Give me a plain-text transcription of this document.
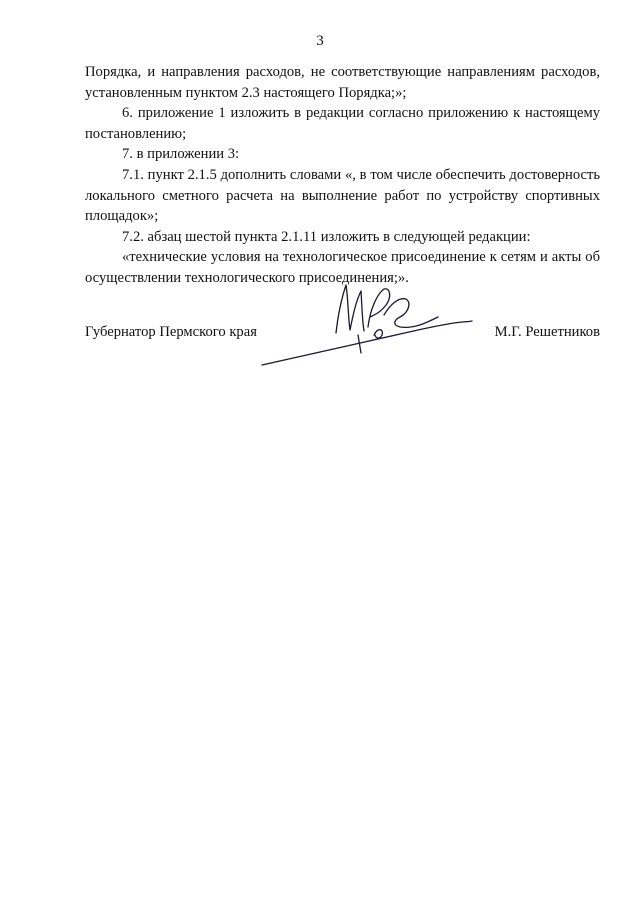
3

Порядка, и направления расходов, не соответствующие направлениям расходов, установленным пунктом 2.3 настоящего Порядка;»;

6. приложение 1 изложить в редакции согласно приложению к настоящему постановлению;

7. в приложении 3:

7.1. пункт 2.1.5 дополнить словами «, в том числе обеспечить достоверность локального сметного расчета на выполнение работ по устройству спортивных площадок»;

7.2. абзац шестой пункта 2.1.11 изложить в следующей редакции:

«технические условия на технологическое присоединение к сетям и акты об осуществлении технологического присоединения;».

Губернатор Пермского края	М.Г. Решетников
